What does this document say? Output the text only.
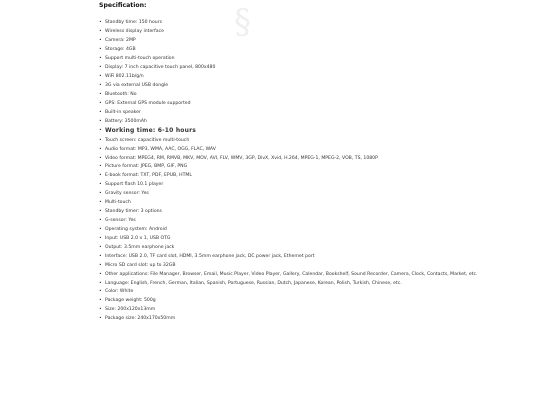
Specification:
• Standby time: 150 hours
• Wireless display interface
• Camera: 2MP
• Storage: 4GB
• Support multi-touch operation
• Display: 7 inch capacitive touch panel, 800x480
• WiFi 802.11b/g/n
• 3G via external USB dongle
• Bluetooth: No
• GPS: External GPS module supported
• Built-in speaker
• Battery: 3500mAh
• Working time: 6-10 hours
• Touch screen: capacitive multi-touch
• Audio format: MP3, WMA, AAC, OGG, FLAC, WAV
• Video format: MPEG4, RM, RMVB, MKV, MOV, AVI, FLV, WMV, 3GP, DivX, Xvid, H.264, MPEG-1, MPEG-2, VOB, TS, 1080P
• Picture format: JPEG, BMP, GIF, PNG
• E-book format: TXT, PDF, EPUB, HTML
• Support flash 10.1 player
• Gravity sensor: Yes
• Multi-touch
• Standby timer: 3 options
• G-sensor: Yes
• Operating system: Android
• Input: USB 2.0 x 1, USB OTG
• Output: 3.5mm earphone jack
• Interface: USB 2.0, TF card slot, HDMI, 3.5mm earphone jack, DC power jack, Ethernet port
• Micro SD card slot: up to 32GB
• Other applications: File Manager, Browser, Email, Music Player, Video Player, Gallery, Calendar, Bookshelf, Sound Recorder, Camera, Clock, Contacts, Market, etc.
• Language: English, French, German, Italian, Spanish, Portuguese, Russian, Dutch, Japanese, Korean, Polish, Turkish, Chinese, etc.
• Color: White
• Package weight: 500g
• Size: 200x120x13mm
• Package size: 240x170x50mm
§
